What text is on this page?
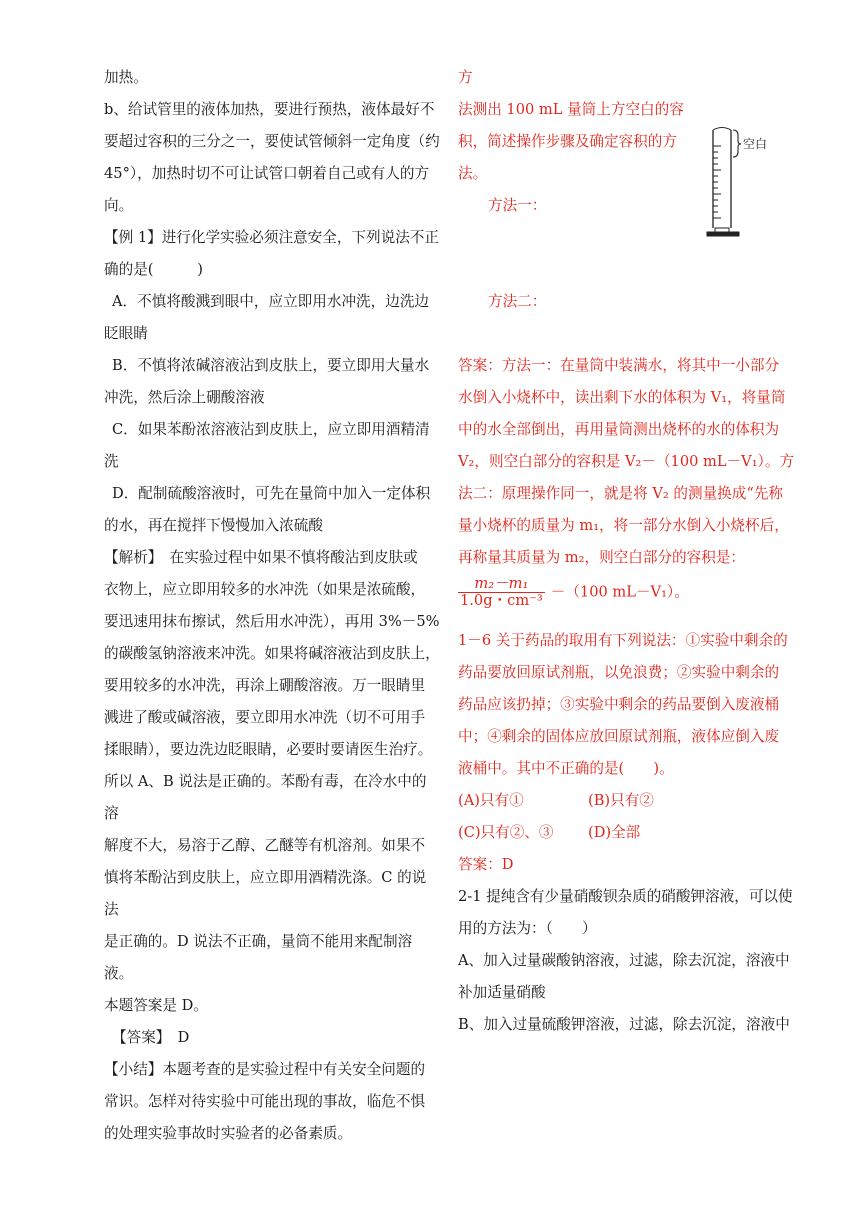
加热。

b、给试管里的液体加热，要进行预热，液体最好不

要超过容积的三分之一，要使试管倾斜一定角度（约

45°），加热时切不可让试管口朝着自己或有人的方

向。

【例 1】进行化学实验必须注意安全，下列说法不正

确的是(　　　)

A．不慎将酸溅到眼中，应立即用水冲洗，边洗边

眨眼睛

B．不慎将浓碱溶液沾到皮肤上，要立即用大量水

冲洗，然后涂上硼酸溶液

C．如果苯酚浓溶液沾到皮肤上，应立即用酒精清

洗

D．配制硫酸溶液时，可先在量筒中加入一定体积

的水，再在搅拌下慢慢加入浓硫酸

【解析】　在实验过程中如果不慎将酸沾到皮肤或

衣物上，应立即用较多的水冲洗（如果是浓硫酸，

要迅速用抹布擦试，然后用水冲洗），再用 3%－5%

的碳酸氢钠溶液来冲洗。如果将碱溶液沾到皮肤上，

要用较多的水冲洗，再涂上硼酸溶液。万一眼睛里

溅进了酸或碱溶液，要立即用水冲洗（切不可用手

揉眼睛），要边洗边眨眼睛，必要时要请医生治疗。

所以 A、B 说法是正确的。苯酚有毒，在冷水中的溶

解度不大，易溶于乙醇、乙醚等有机溶剂。如果不

慎将苯酚沾到皮肤上，应立即用酒精洗涤。C 的说法

是正确的。D 说法不正确，量筒不能用来配制溶液。

本题答案是 D。

【答案】　D

【小结】本题考查的是实验过程中有关安全问题的

常识。怎样对待实验中可能出现的事故，临危不惧

的处理实验事故时实验者的必备素质。

方

法测出 100 mL 量筒上方空白的容

积，简述操作步骤及确定容积的方

法。

方法一：

方法二：

答案：方法一：在量筒中装满水，将其中一小部分

水倒入小烧杯中，读出剩下水的体积为 V₁，将量筒

中的水全部倒出，再用量筒测出烧杯的水的体积为

V₂，则空白部分的容积是 V₂－（100 mL－V₁）。方

法二：原理操作同一，就是将 V₂ 的测量换成“先称

量小烧杯的质量为 m₁，将一部分水倒入小烧杯后，

再称量其质量为 m₂，则空白部分的容积是：

$\frac{\text{m₂－m₁}}{\text{1.0g・cm⁻³}} -(100$ mL－V₁）。

1－6 关于药品的取用有下列说法：①实验中剩余的

药品要放回原试剂瓶，以免浪费；②实验中剩余的

药品应该扔掉；③实验中剩余的药品要倒入废液桶

中；④剩余的固体应放回原试剂瓶，液体应倒入废

液桶中。其中不正确的是(　　)。

(A)只有①	(B)只有②

(C)只有②、③ (D)全部

答案：D

2-1 提纯含有少量硝酸钡杂质的硝酸钾溶液，可以使

用的方法为：（　　）

A、加入过量碳酸钠溶液，过滤，除去沉淀，溶液中

补加适量硝酸

B、加入过量硫酸钾溶液，过滤，除去沉淀，溶液中

空白
